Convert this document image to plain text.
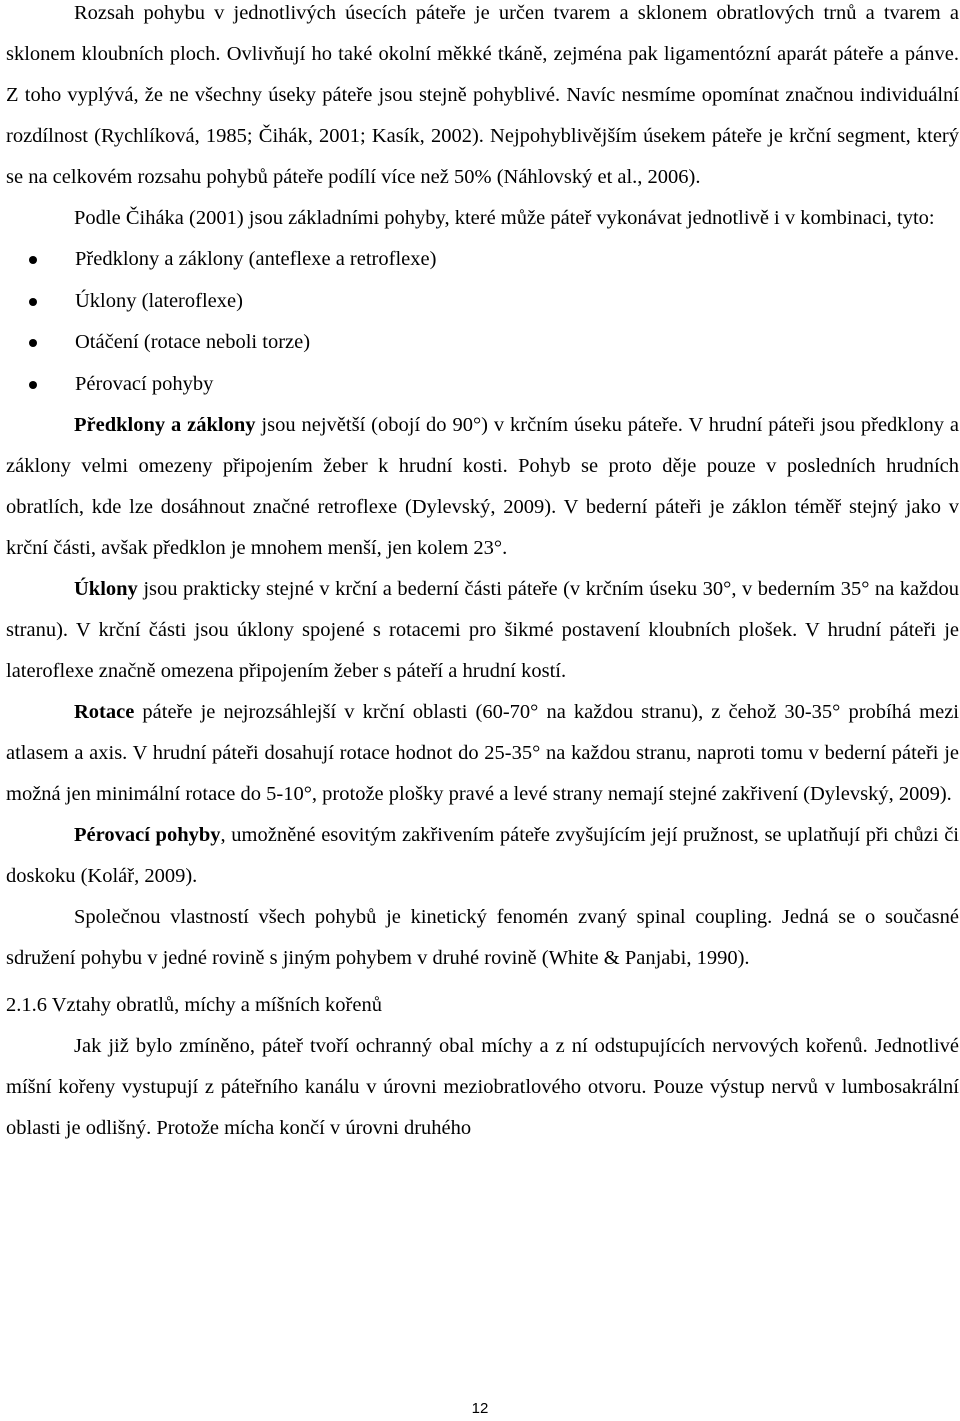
Rozsah pohybu v jednotlivých úsecích páteře je určen tvarem a sklonem obratlových trnů a tvarem a sklonem kloubních ploch. Ovlivňují ho také okolní měkké tkáně, zejména pak ligamentózní aparát páteře a pánve. Z toho vyplývá, že ne všechny úseky páteře jsou stejně pohyblivé. Navíc nesmíme opomínat značnou individuální rozdílnost (Rychlíková, 1985; Čihák, 2001; Kasík, 2002). Nejpohyblivějším úsekem páteře je krční segment, který se na celkovém rozsahu pohybů páteře podílí více než 50% (Náhlovský et al., 2006).

Podle Čiháka (2001) jsou základními pohyby, které může páteř vykonávat jednotlivě i v kombinaci, tyto:

Předklony a záklony (anteflexe a retroflexe)
Úklony (lateroflexe)
Otáčení (rotace neboli torze)
Pérovací pohyby

Předklony a záklony jsou největší (obojí do 90°) v krčním úseku páteře. V hrudní páteři jsou předklony a záklony velmi omezeny připojením žeber k hrudní kosti. Pohyb se proto děje pouze v posledních hrudních obratlích, kde lze dosáhnout značné retroflexe (Dylevský, 2009). V bederní páteři je záklon téměř stejný jako v krční části, avšak předklon je mnohem menší, jen kolem 23°.

Úklony jsou prakticky stejné v krční a bederní části páteře (v krčním úseku 30°, v bederním 35° na každou stranu). V krční části jsou úklony spojené s rotacemi pro šikmé postavení kloubních plošek. V hrudní páteři je lateroflexe značně omezena připojením žeber s páteří a hrudní kostí.

Rotace páteře je nejrozsáhlejší v krční oblasti (60-70° na každou stranu), z čehož 30-35° probíhá mezi atlasem a axis. V hrudní páteři dosahují rotace hodnot do 25-35° na každou stranu, naproti tomu v bederní páteři je možná jen minimální rotace do 5-10°, protože plošky pravé a levé strany nemají stejné zakřivení (Dylevský, 2009).

Pérovací pohyby, umožněné esovitým zakřivením páteře zvyšujícím její pružnost, se uplatňují při chůzi či doskoku (Kolář, 2009).

Společnou vlastností všech pohybů je kinetický fenomén zvaný spinal coupling. Jedná se o současné sdružení pohybu v jedné rovině s jiným pohybem v druhé rovině (White & Panjabi, 1990).

2.1.6 Vztahy obratlů, míchy a míšních kořenů

Jak již bylo zmíněno, páteř tvoří ochranný obal míchy a z ní odstupujících nervových kořenů. Jednotlivé míšní kořeny vystupují z páteřního kanálu v úrovni meziobratlového otvoru. Pouze výstup nervů v lumbosakrální oblasti je odlišný. Protože mícha končí v úrovni druhého

12
